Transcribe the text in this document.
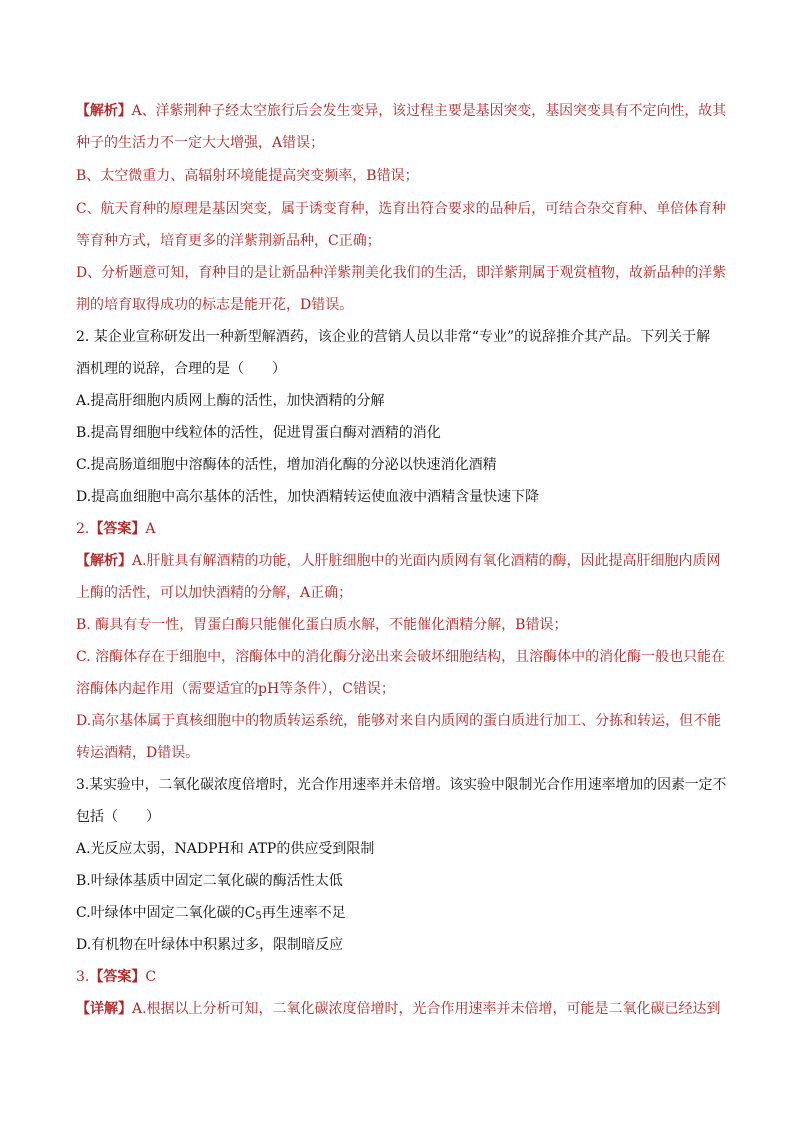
【解析】A、洋紫荆种子经太空旅行后会发生变异，该过程主要是基因突变，基因突变具有不定向性，故其
种子的生活力不一定大大增强，A错误；
B、太空微重力、高辐射环境能提高突变频率，B错误；
C、航天育种的原理是基因突变，属于诱变育种，选育出符合要求的品种后，可结合杂交育种、单倍体育种
等育种方式，培育更多的洋紫荆新品种，C正确；
D、分析题意可知，育种目的是让新品种洋紫荆美化我们的生活，即洋紫荆属于观赏植物，故新品种的洋紫
荆的培育取得成功的标志是能开花，D错误。
2. 某企业宣称研发出一种新型解酒药，该企业的营销人员以非常“专业”的说辞推介其产品。下列关于解
酒机理的说辞，合理的是（　　）
A.提高肝细胞内质网上酶的活性，加快酒精的分解
B.提高胃细胞中线粒体的活性，促进胃蛋白酶对酒精的消化
C.提高肠道细胞中溶酶体的活性，增加消化酶的分泌以快速消化酒精
D.提高血细胞中高尔基体的活性，加快酒精转运使血液中酒精含量快速下降
2.【答案】A
【解析】A.肝脏具有解酒精的功能，人肝脏细胞中的光面内质网有氧化酒精的酶，因此提高肝细胞内质网
上酶的活性，可以加快酒精的分解，A正确；
B. 酶具有专一性，胃蛋白酶只能催化蛋白质水解，不能催化酒精分解，B错误；
C. 溶酶体存在于细胞中，溶酶体中的消化酶分泌出来会破坏细胞结构，且溶酶体中的消化酶一般也只能在
溶酶体内起作用（需要适宜的pH等条件），C错误；
D.高尔基体属于真核细胞中的物质转运系统，能够对来自内质网的蛋白质进行加工、分拣和转运，但不能
转运酒精，D错误。
3.某实验中，二氧化碳浓度倍增时，光合作用速率并未倍增。该实验中限制光合作用速率增加的因素一定不
包括（　　）
A.光反应太弱，NADPH和 ATP的供应受到限制
B.叶绿体基质中固定二氧化碳的酶活性太低
C.叶绿体中固定二氧化碳的$C_5$再生速率不足
D.有机物在叶绿体中积累过多，限制暗反应
3.【答案】C
【详解】A.根据以上分析可知，二氧化碳浓度倍增时，光合作用速率并未倍增，可能是二氧化碳已经达到
